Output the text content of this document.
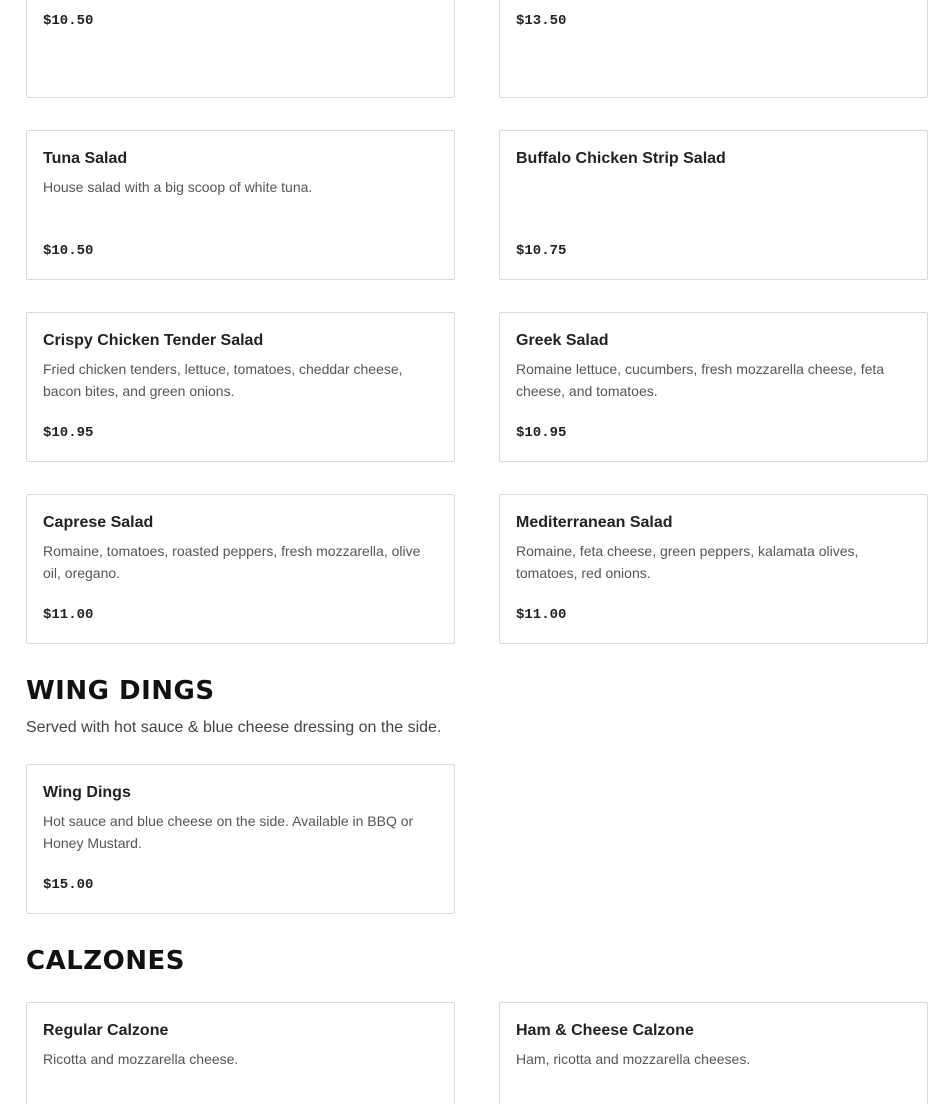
$10.50	$13.50
Tuna Salad
House salad with a big scoop of white tuna.
$10.50
Buffalo Chicken Strip Salad
$10.75
Crispy Chicken Tender Salad
Fried chicken tenders, lettuce, tomatoes, cheddar cheese, bacon bites, and green onions.
$10.95
Greek Salad
Romaine lettuce, cucumbers, fresh mozzarella cheese, feta cheese, and tomatoes.
$10.95
Caprese Salad
Romaine, tomatoes, roasted peppers, fresh mozzarella, olive oil, oregano.
$11.00
Mediterranean Salad
Romaine, feta cheese, green peppers, kalamata olives, tomatoes, red onions.
$11.00
WING DINGS
Served with hot sauce & blue cheese dressing on the side.
Wing Dings
Hot sauce and blue cheese on the side. Available in BBQ or Honey Mustard.
$15.00
CALZONES
Regular Calzone
Ricotta and mozzarella cheese.
Ham & Cheese Calzone
Ham, ricotta and mozzarella cheeses.
